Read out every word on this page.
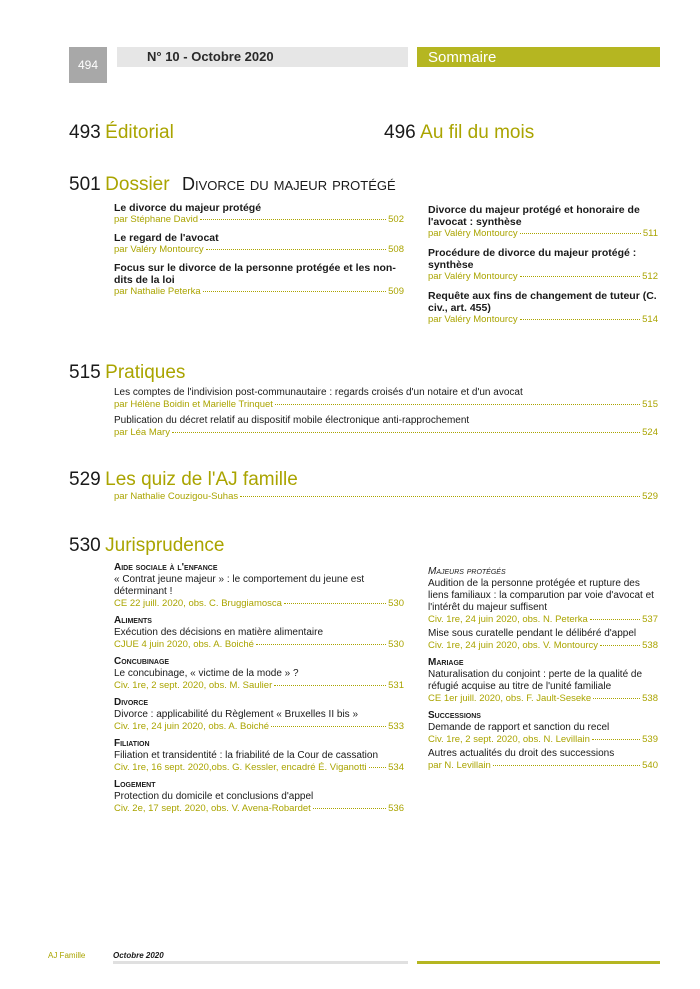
494
N° 10 - Octobre 2020	Sommaire
493 Éditorial	496 Au fil du mois
501 Dossier Divorce du majeur protégé
Le divorce du majeur protégé
par Stéphane David	502
Le regard de l'avocat
par Valéry Montourcy	508
Focus sur le divorce de la personne protégée et les non-dits de la loi
par Nathalie Peterka	509
Divorce du majeur protégé et honoraire de l'avocat : synthèse
par Valéry Montourcy	511
Procédure de divorce du majeur protégé : synthèse
par Valéry Montourcy	512
Requête aux fins de changement de tuteur (C. civ., art. 455)
par Valéry Montourcy	514
515 Pratiques
Les comptes de l'indivision post-communautaire : regards croisés d'un notaire et d'un avocat
par Hélène Boidin et Marielle Trinquet	515
Publication du décret relatif au dispositif mobile électronique anti-rapprochement
par Léa Mary	524
529 Les quiz de l'AJ famille
par Nathalie Couzigou-Suhas	529
530 Jurisprudence
Aide sociale à l'enfance
« Contrat jeune majeur » : le comportement du jeune est déterminant !
CE 22 juill. 2020, obs. C. Bruggiamosca	530
Aliments
Exécution des décisions en matière alimentaire
CJUE 4 juin 2020, obs. A. Boiché	530
Concubinage
Le concubinage, « victime de la mode » ?
Civ. 1re, 2 sept. 2020, obs. M. Saulier	531
Divorce
Divorce : applicabilité du Règlement « Bruxelles II bis »
Civ. 1re, 24 juin 2020, obs. A. Boiché	533
Filiation
Filiation et transidentité : la friabilité de la Cour de cassation
Civ. 1re, 16 sept. 2020,obs. G. Kessler, encadré É. Viganotti 534
Logement
Protection du domicile et conclusions d'appel
Civ. 2e, 17 sept. 2020, obs. V. Avena-Robardet	536
Majeurs protégés
Audition de la personne protégée et rupture des liens familiaux : la comparution par voie d'avocat et l'intérêt du majeur suffisent
Civ. 1re, 24 juin 2020, obs. N. Peterka	537
Mise sous curatelle pendant le délibéré d'appel
Civ. 1re, 24 juin 2020, obs. V. Montourcy	538
Mariage
Naturalisation du conjoint : perte de la qualité de réfugié acquise au titre de l'unité familiale
CE 1er juill. 2020, obs. F. Jault-Seseke	538
Successions
Demande de rapport et sanction du recel
Civ. 1re, 2 sept. 2020, obs. N. Levillain	539
Autres actualités du droit des successions
par N. Levillain	540
AJ Famille	Octobre 2020
